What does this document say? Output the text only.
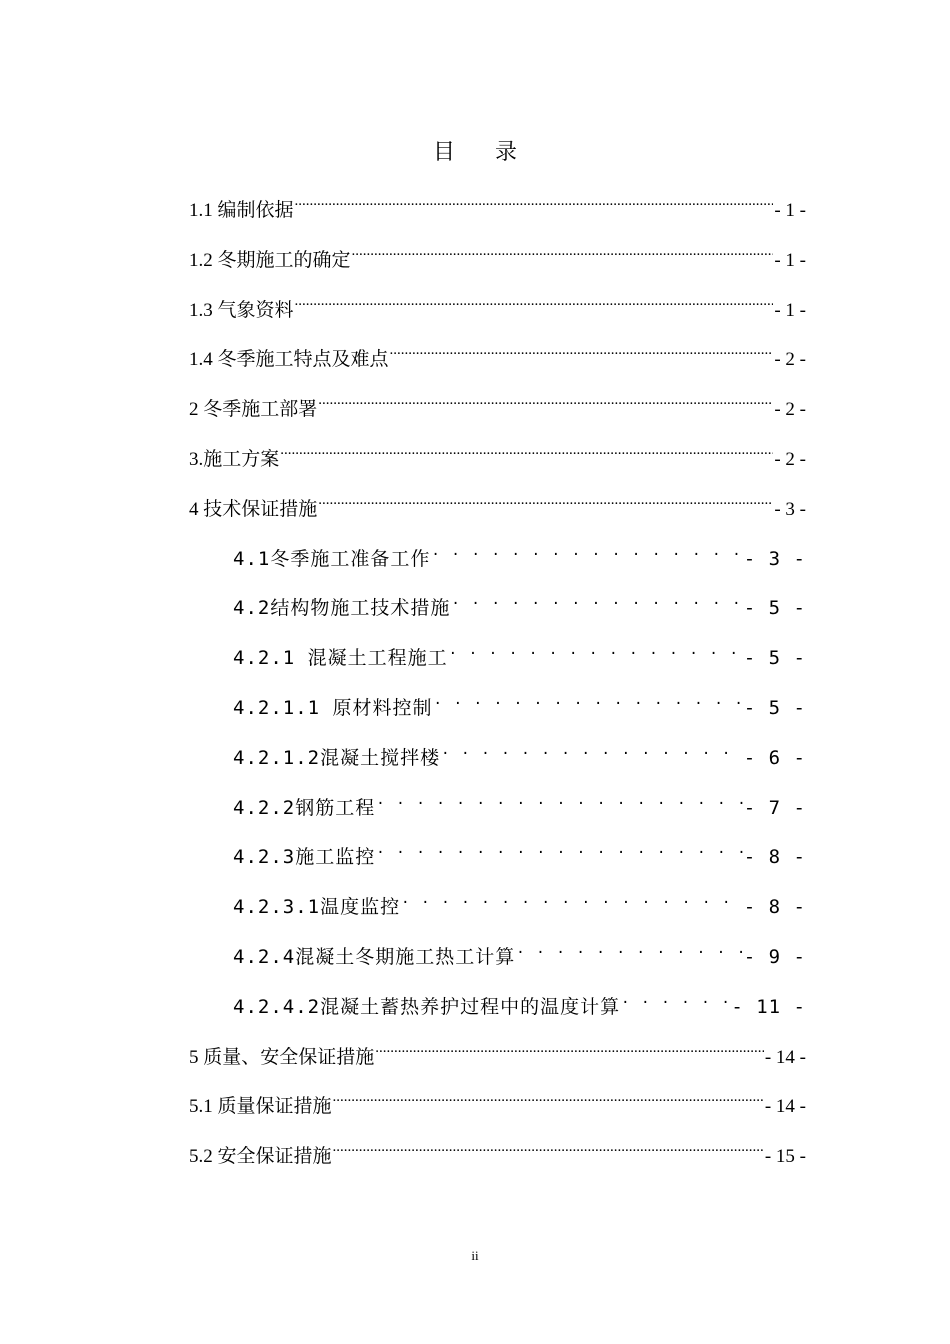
目录
1.1 编制依据 .....	- 1 -
1.2 冬期施工的确定 .....	- 1 -
1.3 气象资料 .....	- 1 -
1.4 冬季施工特点及难点 .....	- 2 -
2 冬季施工部署 .....	- 2 -
3.施工方案 .....	- 2 -
4 技术保证措施 .....	- 3 -
4.1冬季施工准备工作 . . .	- 3 -
4.2结构物施工技术措施 . . .	- 5 -
4.2.1 混凝土工程施工 . . .	- 5 -
4.2.1.1 原材料控制 . . .	- 5 -
4.2.1.2混凝土搅拌楼 . . .	- 6 -
4.2.2钢筋工程 . . .	- 7 -
4.2.3施工监控 . . .	- 8 -
4.2.3.1温度监控 . . .	- 8 -
4.2.4混凝土冬期施工热工计算 . . .	- 9 -
4.2.4.2混凝土蓄热养护过程中的温度计算 . . .	- 11 -
5 质量、安全保证措施 .....	- 14 -
5.1 质量保证措施 .....	- 14 -
5.2 安全保证措施 .....	- 15 -
ii
